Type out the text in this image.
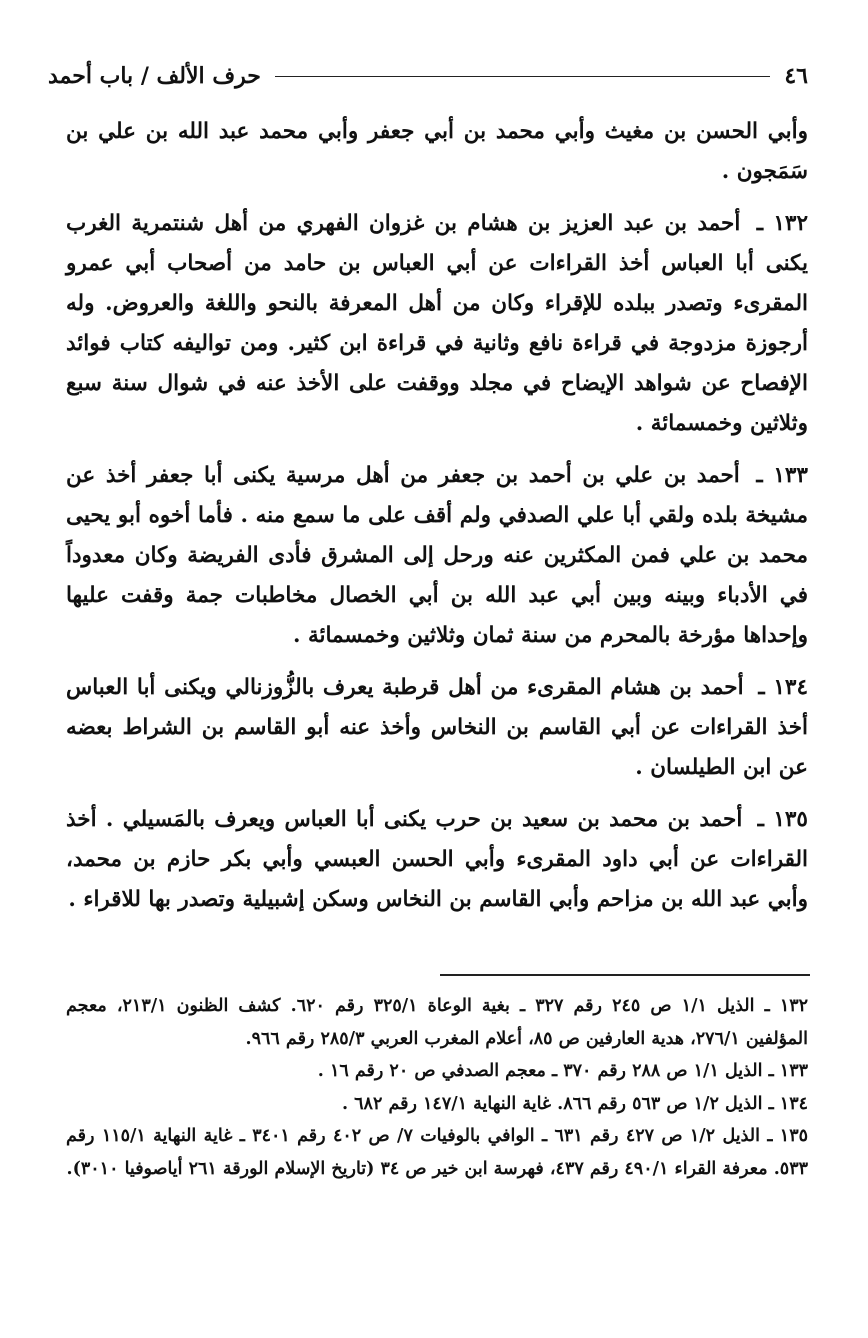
٤٦
حرف الألف / باب أحمد

وأبي الحسن بن مغيث وأبي محمد بن أبي جعفر وأبي محمد عبد الله بن علي بن سَمَجون .

١٣٢ ـ أحمد بن عبد العزيز بن هشام بن غزوان الفهري من أهل شنتمرية الغرب يكنى أبا العباس أخذ القراءات عن أبي العباس بن حامد من أصحاب أبي عمرو المقرىء وتصدر ببلده للإقراء وكان من أهل المعرفة بالنحو واللغة والعروض. وله أرجوزة مزدوجة في قراءة نافع وثانية في قراءة ابن كثير. ومن تواليفه كتاب فوائد الإفصاح عن شواهد الإيضاح في مجلد ووقفت على الأخذ عنه في شوال سنة سبع وثلاثين وخمسمائة .

١٣٣ ـ أحمد بن علي بن أحمد بن جعفر من أهل مرسية يكنى أبا جعفر أخذ عن مشيخة بلده ولقي أبا علي الصدفي ولم أقف على ما سمع منه . فأما أخوه أبو يحيى محمد بن علي فمن المكثرين عنه ورحل إلى المشرق فأدى الفريضة وكان معدوداً في الأدباء وبينه وبين أبي عبد الله بن أبي الخصال مخاطبات جمة وقفت عليها وإحداها مؤرخة بالمحرم من سنة ثمان وثلاثين وخمسمائة .

١٣٤ ـ أحمد بن هشام المقرىء من أهل قرطبة يعرف بالزُّوزنالي ويكنى أبا العباس أخذ القراءات عن أبي القاسم بن النخاس وأخذ عنه أبو القاسم بن الشراط بعضه عن ابن الطيلسان .

١٣٥ ـ أحمد بن محمد بن سعيد بن حرب يكنى أبا العباس ويعرف بالمَسيلي . أخذ القراءات عن أبي داود المقرىء وأبي الحسن العبسي وأبي بكر حازم بن محمد، وأبي عبد الله بن مزاحم وأبي القاسم بن النخاس وسكن إشبيلية وتصدر بها للاقراء .

١٣٢ ـ الذيل ١/١ ص ٢٤٥ رقم ٣٢٧ ـ بغية الوعاة ٣٢٥/١ رقم ٦٢٠. كشف الظنون ٢١٣/١، معجم المؤلفين ٢٧٦/١، هدية العارفين ص ٨٥، أعلام المغرب العربي ٢٨٥/٣ رقم ٩٦٦.

١٣٣ ـ الذيل ١/١ ص ٢٨٨ رقم ٣٧٠ ـ معجم الصدفي ص ٢٠ رقم ١٦ .

١٣٤ ـ الذيل ١/٢ ص ٥٦٣ رقم ٨٦٦. غاية النهاية ١٤٧/١ رقم ٦٨٢ .

١٣٥ ـ الذيل ١/٢ ص ٤٢٧ رقم ٦٣١ ـ الوافي بالوفيات ٧/ ص ٤٠٢ رقم ٣٤٠١ ـ غاية النهاية ١١٥/١ رقم ٥٣٣. معرفة القراء ٤٩٠/١ رقم ٤٣٧، فهرسة ابن خير ص ٣٤ (تاريخ الإسلام الورقة ٢٦١ أياصوفيا ٣٠١٠).
